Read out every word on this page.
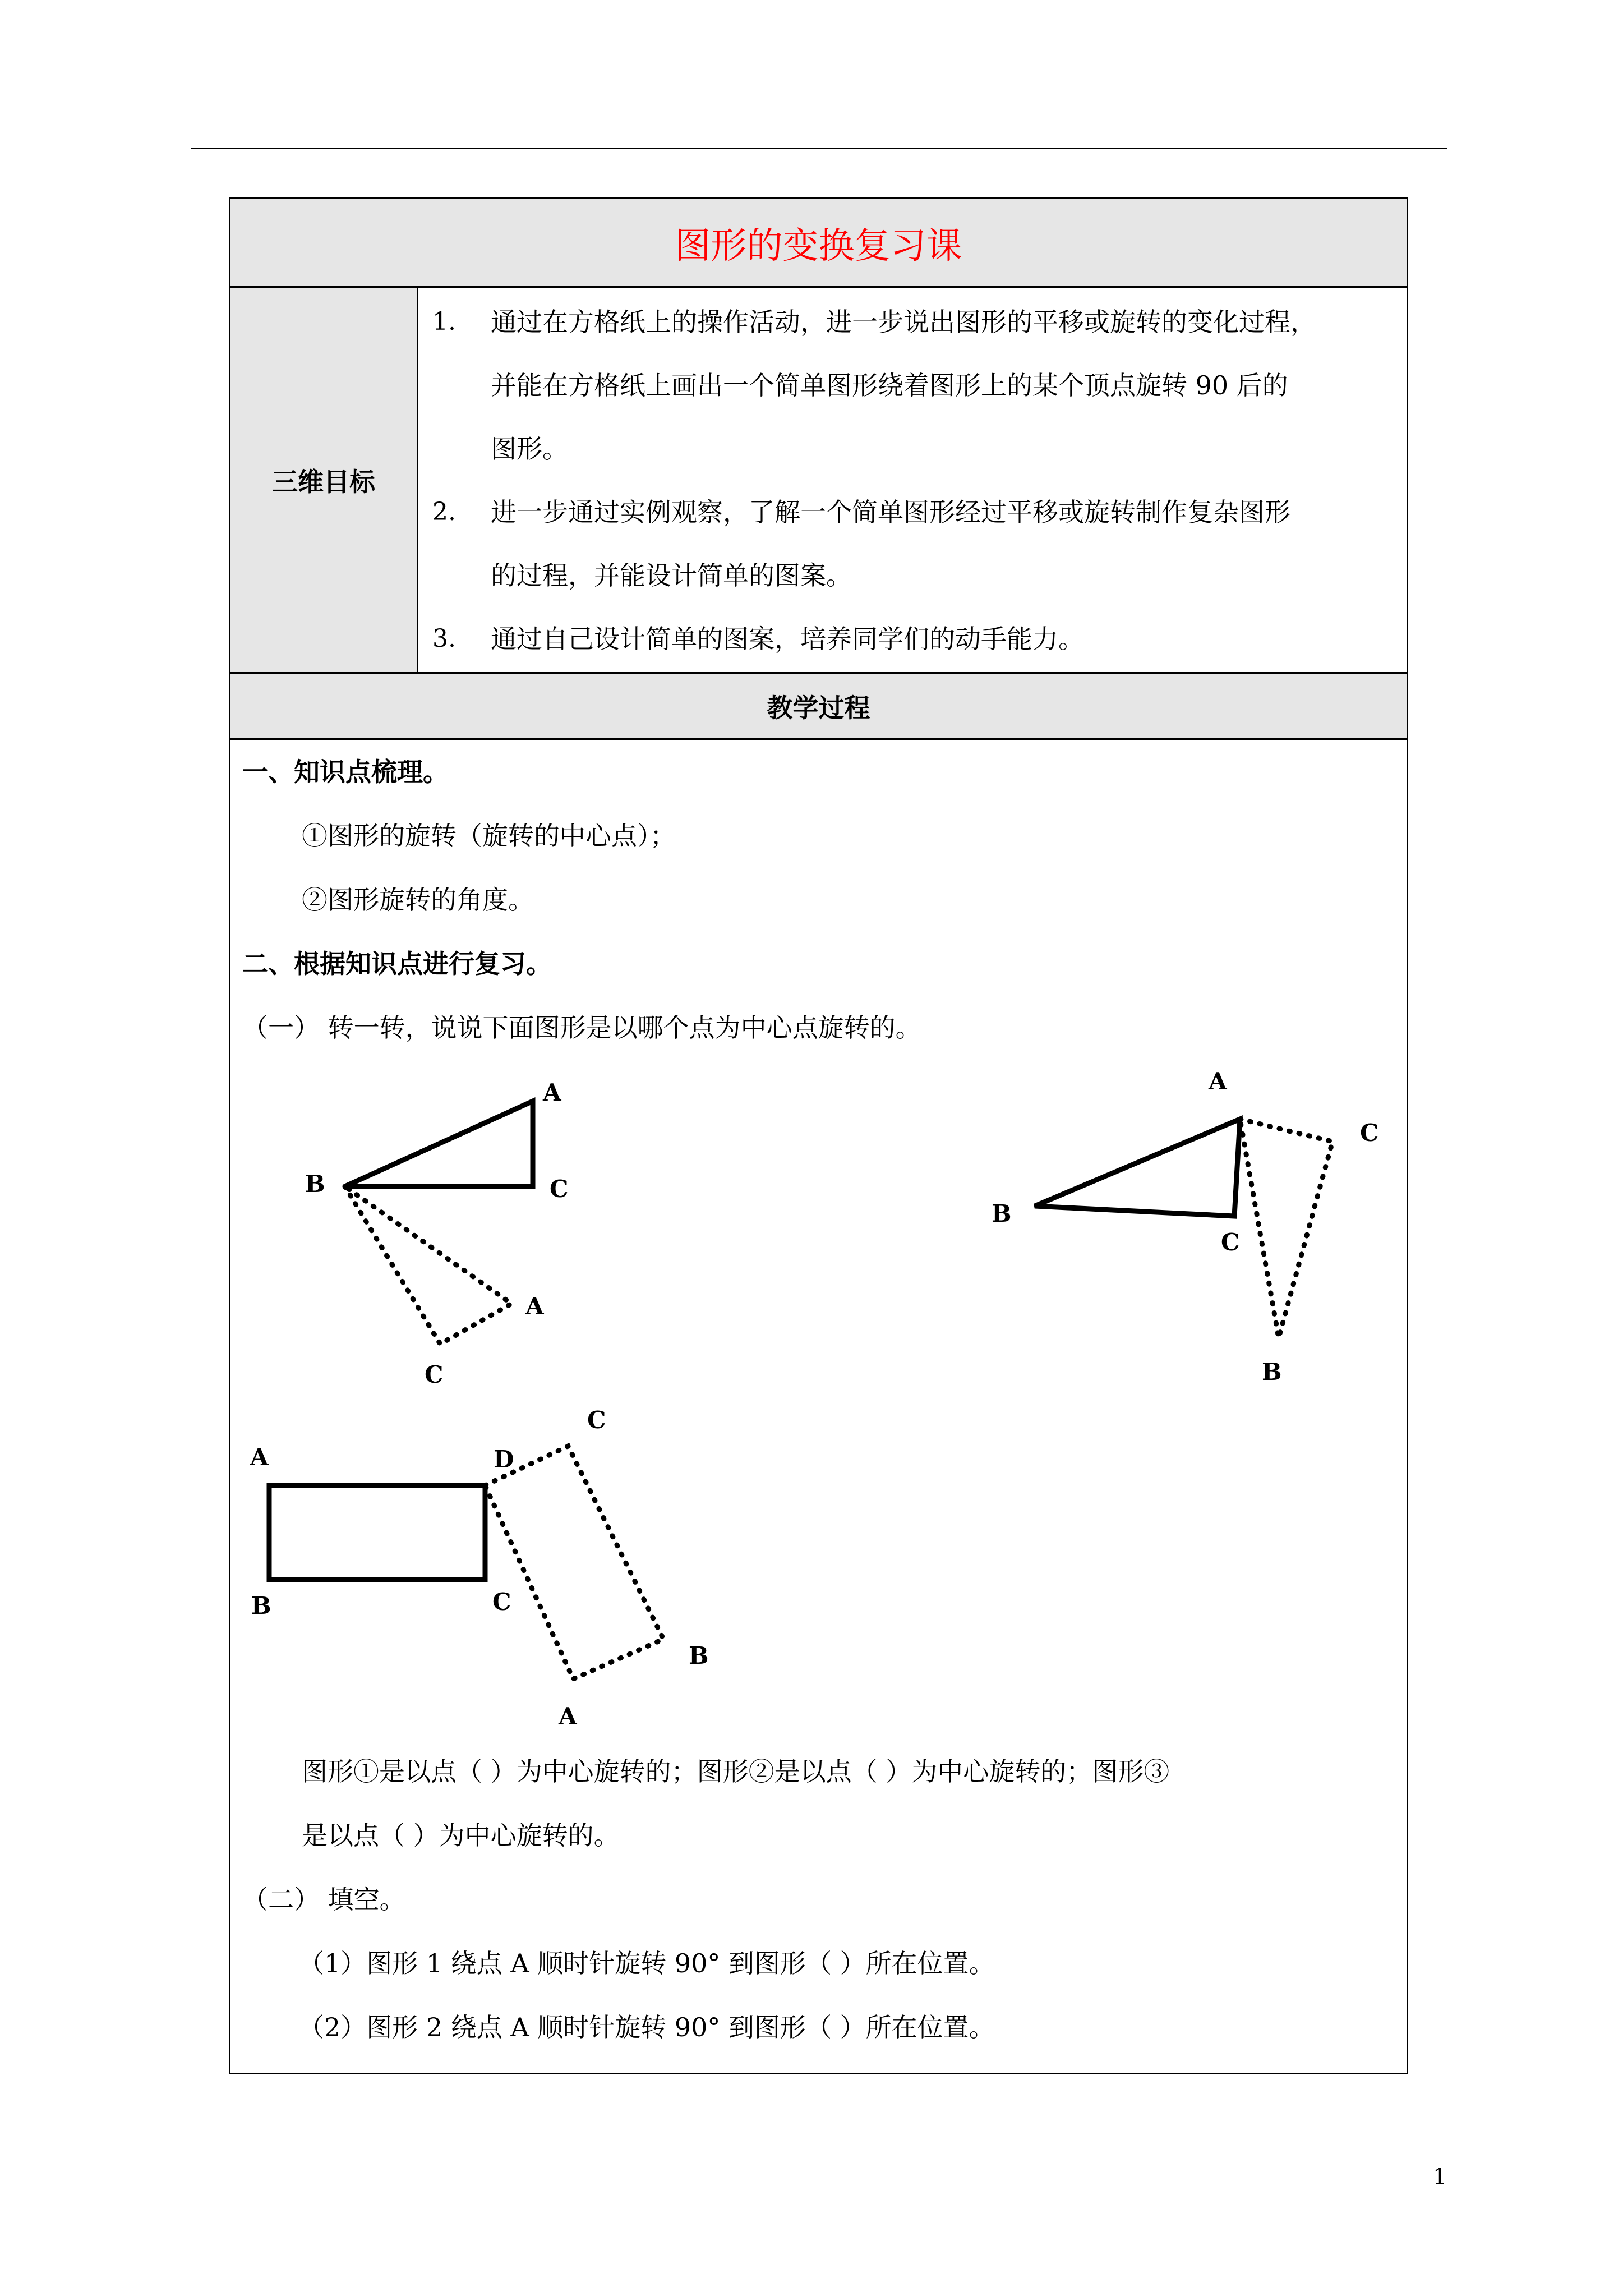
图形的变换复习课
三维目标
1. 通过在方格纸上的操作活动，进一步说出图形的平移或旋转的变化过程，
并能在方格纸上画出一个简单图形绕着图形上的某个顶点旋转 90 后的
图形。
2. 进一步通过实例观察，了解一个简单图形经过平移或旋转制作复杂图形
的过程，并能设计简单的图案。
3. 通过自己设计简单的图案，培养同学们的动手能力。
教学过程
一、知识点梳理。
①图形的旋转（旋转的中心点）；
②图形旋转的角度。
二、根据知识点进行复习。
（一） 转一转，说说下面图形是以哪个点为中心点旋转的。
图形①是以点（ ）为中心旋转的；图形②是以点（ ）为中心旋转的；图形③
是以点（ ）为中心旋转的。
（二） 填空。
（1）图形 1 绕点 A 顺时针旋转 90° 到图形（ ）所在位置。
（2）图形 2 绕点 A 顺时针旋转 90° 到图形（ ）所在位置。
A
B	C
A
C
A
C
B
C
B
A
B	C
D
C
B
A
1
